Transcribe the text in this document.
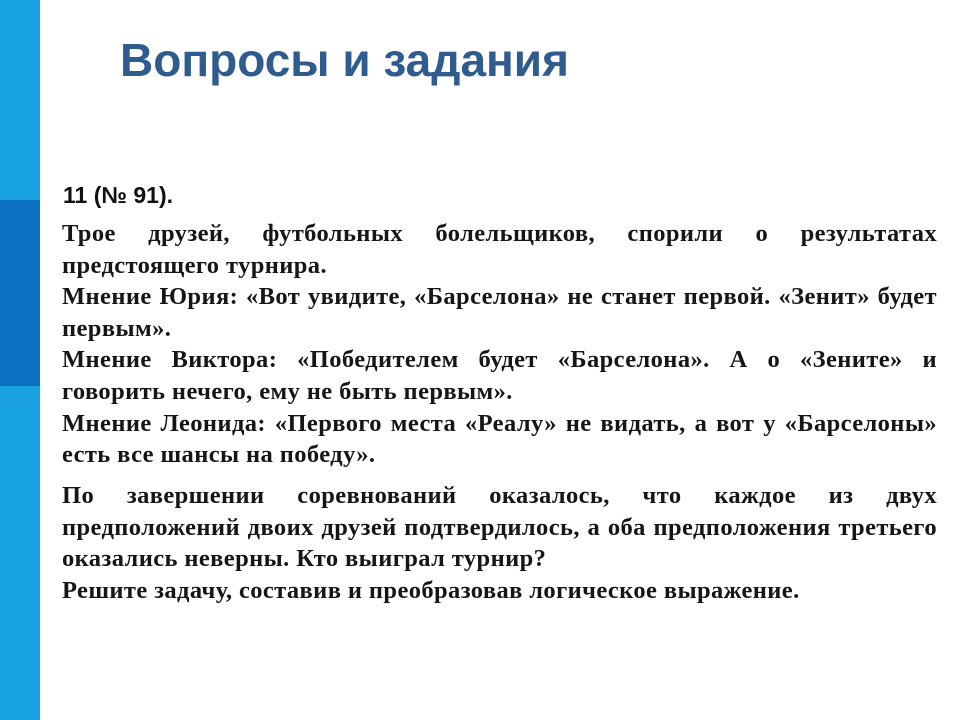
Вопросы и задания
11 (№ 91).

Трое друзей, футбольных болельщиков, спорили о результатах предстоящего турнира.

Мнение Юрия: «Вот увидите, «Барселона» не станет первой. «Зенит» будет первым».

Мнение Виктора: «Победителем будет «Барселона». А о «Зените» и говорить нечего, ему не быть первым».

Мнение Леонида: «Первого места «Реалу» не видать, а вот у «Барселоны» есть все шансы на победу».

По завершении соревнований оказалось, что каждое из двух предположений двоих друзей подтвердилось, а оба предположения третьего оказались неверны. Кто выиграл турнир?

Решите задачу, составив и преобразовав логическое выражение.
